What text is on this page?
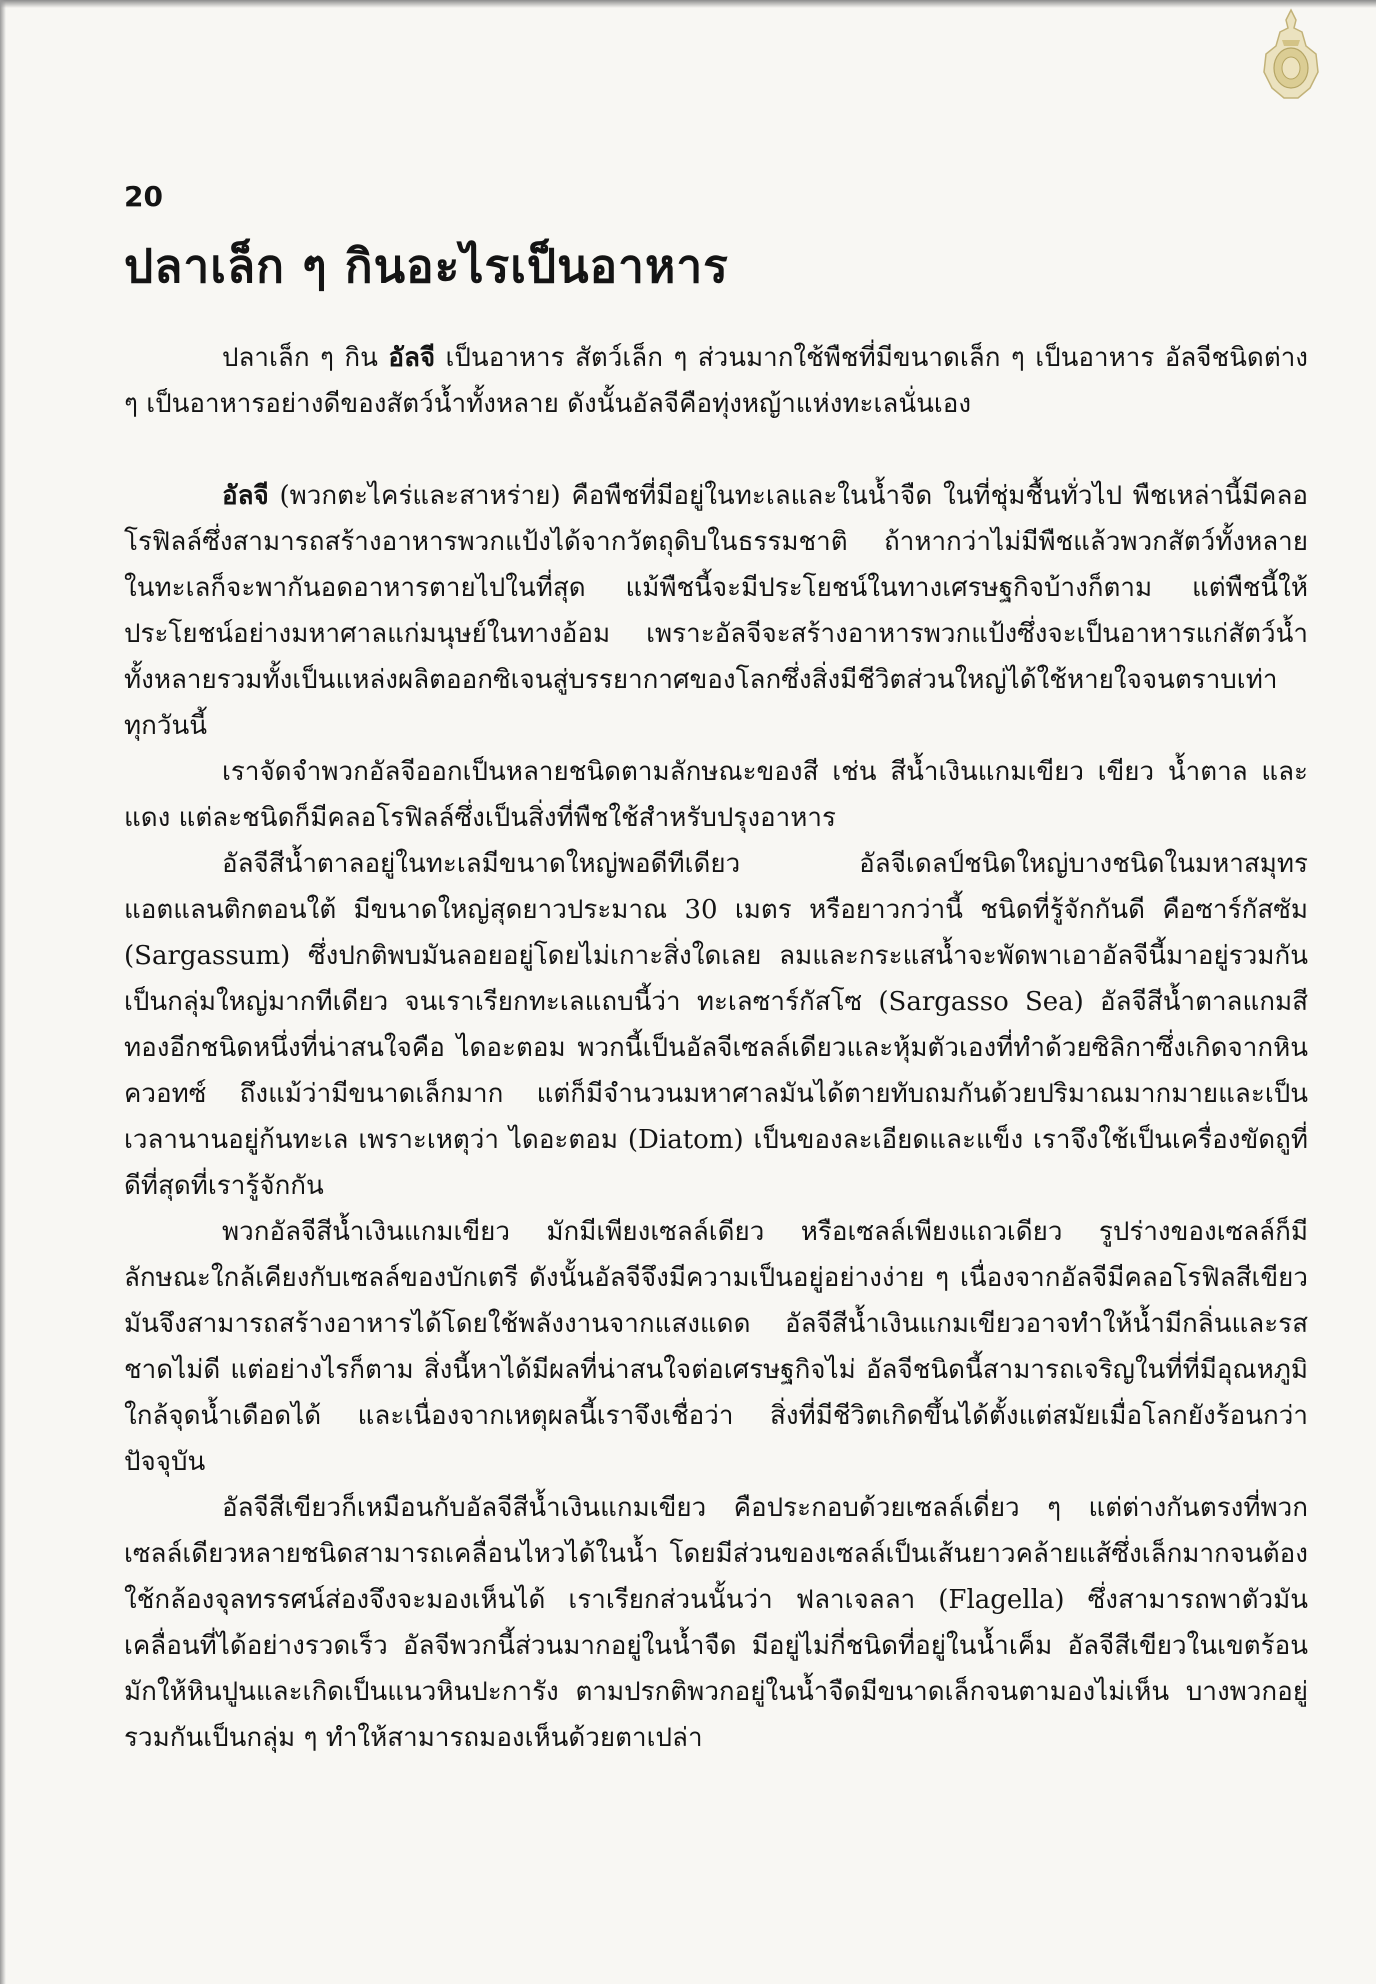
20
ปลาเล็ก ๆ กินอะไรเป็นอาหาร

ปลาเล็ก ๆ กิน อัลจี เป็นอาหาร สัตว์เล็ก ๆ ส่วนมากใช้พืชที่มีขนาดเล็ก ๆ เป็นอาหาร อัลจีชนิดต่าง ๆ เป็นอาหารอย่างดีของสัตว์น้ำทั้งหลาย ดังนั้นอัลจีคือทุ่งหญ้าแห่งทะเลนั่นเอง

อัลจี (พวกตะไคร่และสาหร่าย) คือพืชที่มีอยู่ในทะเลและในน้ำจืด ในที่ชุ่มชื้นทั่วไป พืชเหล่านี้มีคลอโรฟิลล์ซึ่งสามารถสร้างอาหารพวกแป้งได้จากวัตถุดิบในธรรมชาติ ถ้าหากว่าไม่มีพืชแล้วพวกสัตว์ทั้งหลายในทะเลก็จะพากันอดอาหารตายไปในที่สุด แม้พืชนี้จะมีประโยชน์ในทางเศรษฐกิจบ้างก็ตาม แต่พืชนี้ให้ประโยชน์อย่างมหาศาลแก่มนุษย์ในทางอ้อม เพราะอัลจีจะสร้างอาหารพวกแป้งซึ่งจะเป็นอาหารแก่สัตว์น้ำทั้งหลายรวมทั้งเป็นแหล่งผลิตออกซิเจนสู่บรรยากาศของโลกซึ่งสิ่งมีชีวิตส่วนใหญ่ได้ใช้หายใจจนตราบเท่าทุกวันนี้

เราจัดจำพวกอัลจีออกเป็นหลายชนิดตามลักษณะของสี เช่น สีน้ำเงินแกมเขียว เขียว น้ำตาล และแดง แต่ละชนิดก็มีคลอโรฟิลล์ซึ่งเป็นสิ่งที่พืชใช้สำหรับปรุงอาหาร

อัลจีสีน้ำตาลอยู่ในทะเลมีขนาดใหญ่พอดีทีเดียว อัลจีเดลป์ชนิดใหญ่บางชนิดในมหาสมุทรแอตแลนติกตอนใต้ มีขนาดใหญ่สุดยาวประมาณ 30 เมตร หรือยาวกว่านี้ ชนิดที่รู้จักกันดี คือซาร์กัสซัม (Sargassum) ซึ่งปกติพบมันลอยอยู่โดยไม่เกาะสิ่งใดเลย ลมและกระแสน้ำจะพัดพาเอาอัลจีนี้มาอยู่รวมกันเป็นกลุ่มใหญ่มากทีเดียว จนเราเรียกทะเลแถบนี้ว่า ทะเลซาร์กัสโซ (Sargasso Sea) อัลจีสีน้ำตาลแกมสีทองอีกชนิดหนึ่งที่น่าสนใจคือ ไดอะตอม พวกนี้เป็นอัลจีเซลล์เดียวและหุ้มตัวเองที่ทำด้วยซิลิกาซึ่งเกิดจากหินควอทซ์ ถึงแม้ว่ามีขนาดเล็กมาก แต่ก็มีจำนวนมหาศาลมันได้ตายทับถมกันด้วยปริมาณมากมายและเป็นเวลานานอยู่ก้นทะเล เพราะเหตุว่า ไดอะตอม (Diatom) เป็นของละเอียดและแข็ง เราจึงใช้เป็นเครื่องขัดถูที่ดีที่สุดที่เรารู้จักกัน

พวกอัลจีสีน้ำเงินแกมเขียว มักมีเพียงเซลล์เดียว หรือเซลล์เพียงแถวเดียว รูปร่างของเซลล์ก็มีลักษณะใกล้เคียงกับเซลล์ของบักเตรี ดังนั้นอัลจีจึงมีความเป็นอยู่อย่างง่าย ๆ เนื่องจากอัลจีมีคลอโรฟิลสีเขียว มันจึงสามารถสร้างอาหารได้โดยใช้พลังงานจากแสงแดด อัลจีสีน้ำเงินแกมเขียวอาจทำให้น้ำมีกลิ่นและรสชาดไม่ดี แต่อย่างไรก็ตาม สิ่งนี้หาได้มีผลที่น่าสนใจต่อเศรษฐกิจไม่ อัลจีชนิดนี้สามารถเจริญในที่ที่มีอุณหภูมิใกล้จุดน้ำเดือดได้ และเนื่องจากเหตุผลนี้เราจึงเชื่อว่า สิ่งที่มีชีวิตเกิดขึ้นได้ตั้งแต่สมัยเมื่อโลกยังร้อนกว่าปัจจุบัน

อัลจีสีเขียวก็เหมือนกับอัลจีสีน้ำเงินแกมเขียว คือประกอบด้วยเซลล์เดี่ยว ๆ แต่ต่างกันตรงที่พวกเซลล์เดียวหลายชนิดสามารถเคลื่อนไหวได้ในน้ำ โดยมีส่วนของเซลล์เป็นเส้นยาวคล้ายแส้ซึ่งเล็กมากจนต้องใช้กล้องจุลทรรศน์ส่องจึงจะมองเห็นได้ เราเรียกส่วนนั้นว่า ฟลาเจลลา (Flagella) ซึ่งสามารถพาตัวมันเคลื่อนที่ได้อย่างรวดเร็ว อัลจีพวกนี้ส่วนมากอยู่ในน้ำจืด มีอยู่ไม่กี่ชนิดที่อยู่ในน้ำเค็ม อัลจีสีเขียวในเขตร้อนมักให้หินปูนและเกิดเป็นแนวหินปะการัง ตามปรกติพวกอยู่ในน้ำจืดมีขนาดเล็กจนตามองไม่เห็น บางพวกอยู่รวมกันเป็นกลุ่ม ๆ ทำให้สามารถมองเห็นด้วยตาเปล่า
